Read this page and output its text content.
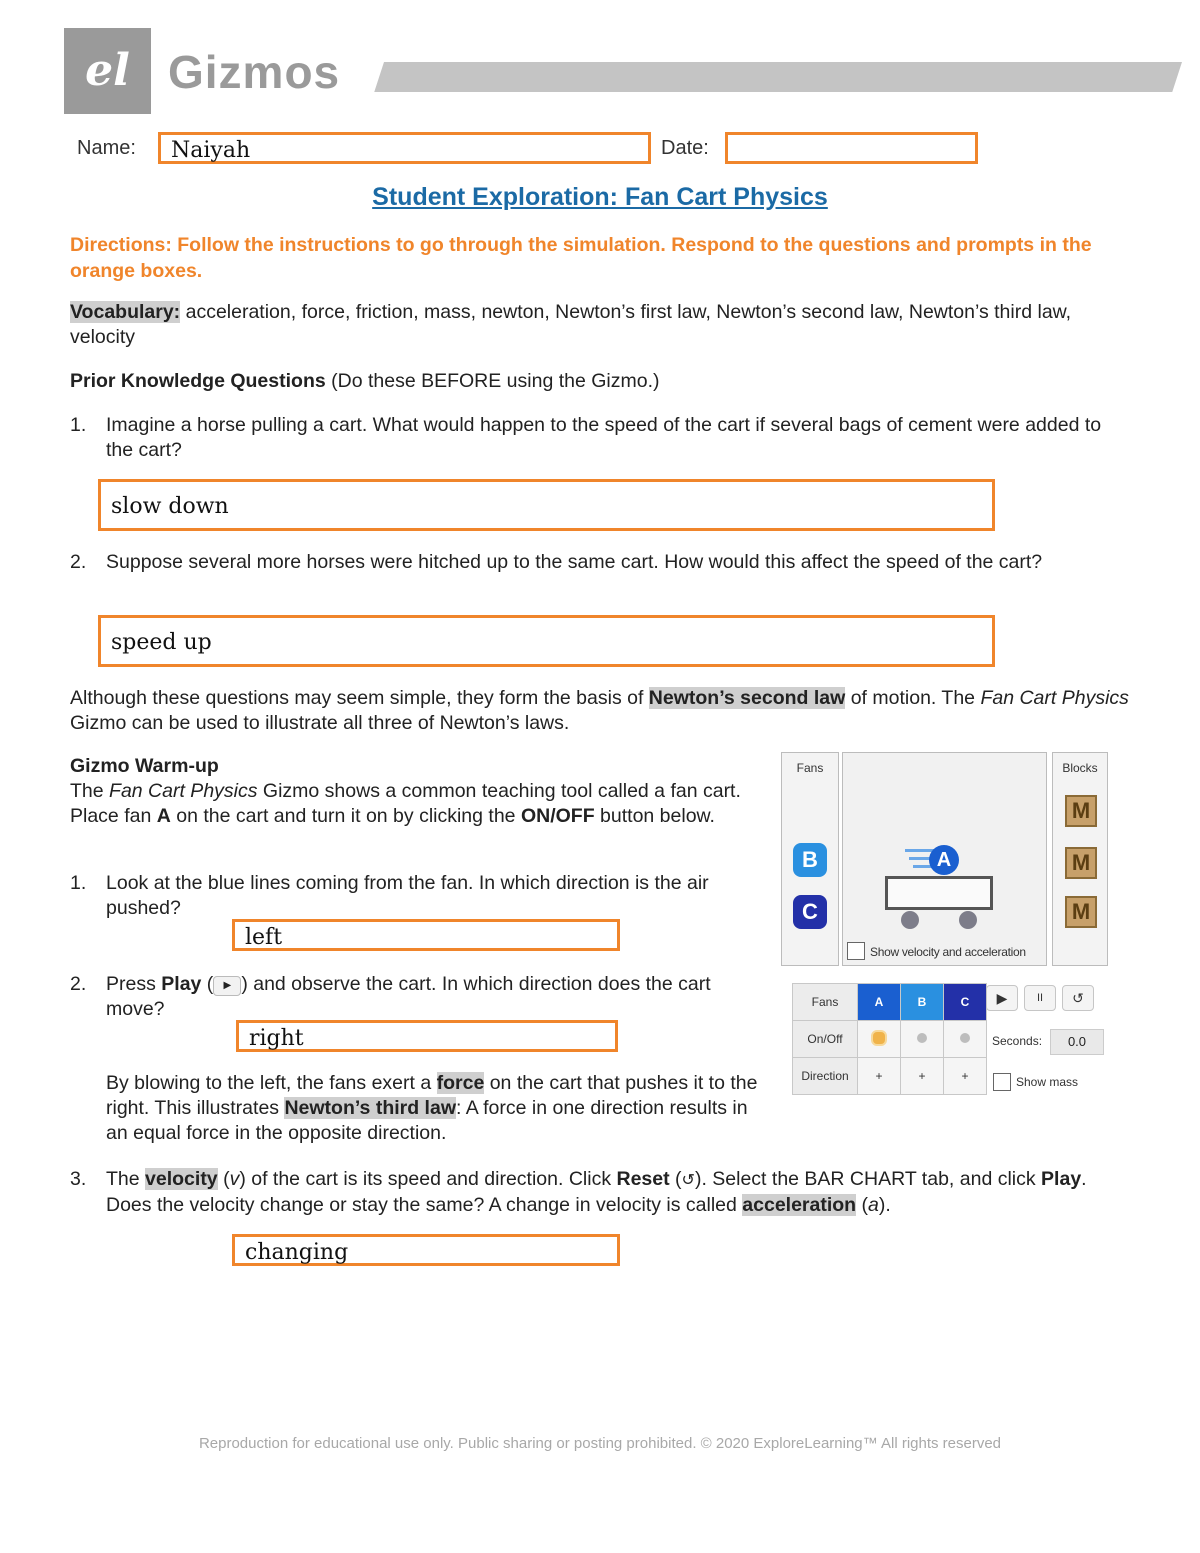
el Gizmos
Name:	Naiyah	Date:
Student Exploration: Fan Cart Physics
Directions: Follow the instructions to go through the simulation. Respond to the questions and prompts in the orange boxes.
Vocabulary: acceleration, force, friction, mass, newton, Newton’s first law, Newton’s second law, Newton’s third law, velocity
Prior Knowledge Questions (Do these BEFORE using the Gizmo.)
1. Imagine a horse pulling a cart. What would happen to the speed of the cart if several bags of cement were added to the cart?
slow down
2. Suppose several more horses were hitched up to the same cart. How would this affect the speed of the cart?
speed up
Although these questions may seem simple, they form the basis of Newton’s second law of motion. The Fan Cart Physics Gizmo can be used to illustrate all three of Newton’s laws.
Gizmo Warm-up
The Fan Cart Physics Gizmo shows a common teaching tool called a fan cart. Place fan A on the cart and turn it on by clicking the ON/OFF button below.
1. Look at the blue lines coming from the fan. In which direction is the air pushed?
left
2. Press Play ( ▶ ) and observe the cart. In which direction does the cart move?
right
By blowing to the left, the fans exert a force on the cart that pushes it to the right. This illustrates Newton’s third law: A force in one direction results in an equal force in the opposite direction.
3. The velocity (v) of the cart is its speed and direction. Click Reset (↺). Select the BAR CHART tab, and click Play. Does the velocity change or stay the same? A change in velocity is called acceleration (a).
changing
Fans
B
C
A
Show velocity and acceleration
Blocks
M
M
M
Fans	A	B	C
On/Off			
Direction	+	+	+
▶	II	↺
Seconds:	0.0
Show mass
Reproduction for educational use only. Public sharing or posting prohibited. © 2020 ExploreLearning™ All rights reserved
